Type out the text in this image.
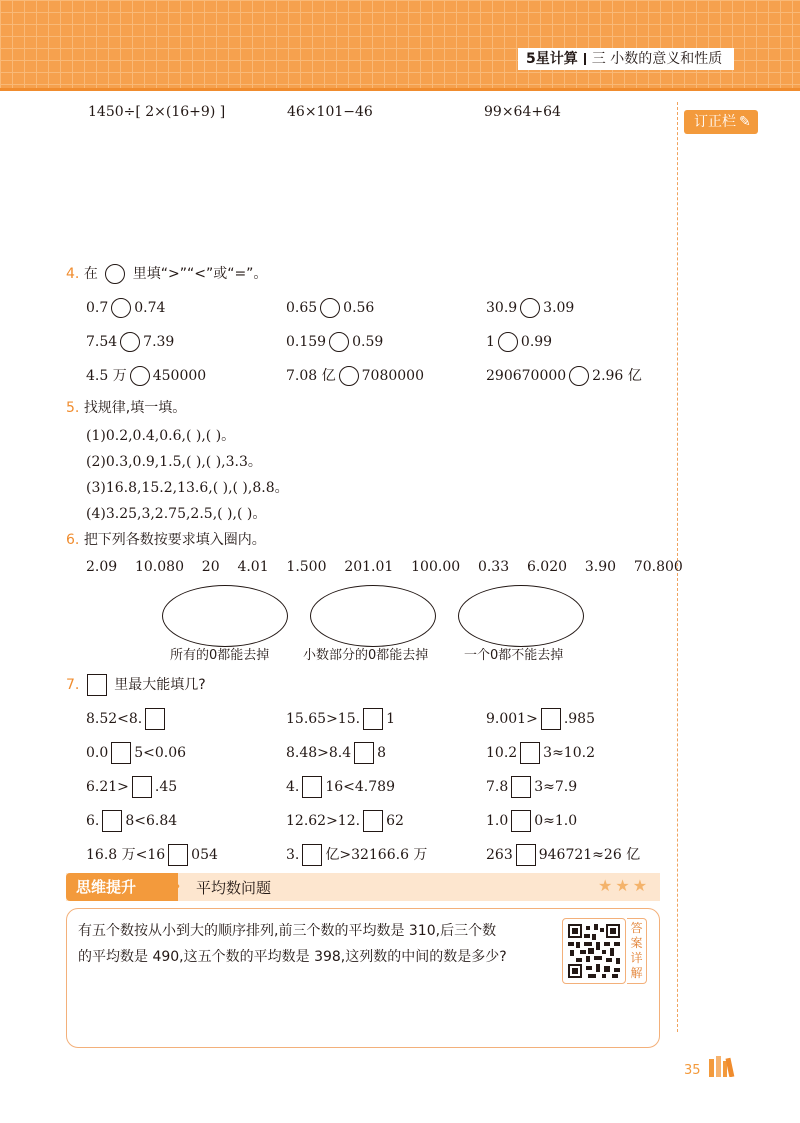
5星计算 三 小数的意义和性质
订正栏 ✎
1450÷[ 2×(16+9) ]	46×101−46	99×64+64
4. 在 里填“>”“<”或“=”。
0.7 0.74	0.65 0.56	30.9 3.09
7.54 7.39	0.159 0.59	1 0.99
4.5 万 450000	7.08 亿 7080000	290670000 2.96 亿
5. 找规律,填一填。
(1)0.2,0.4,0.6,( ),( )。
(2)0.3,0.9,1.5,( ),( ),3.3。
(3)16.8,15.2,13.6,( ),( ),8.8。
(4)3.25,3,2.75,2.5,( ),( )。
6. 把下列各数按要求填入圈内。
2.09 10.080 20 4.01 1.500 201.01 100.00 0.33 6.020 3.90 70.800
所有的0都能去掉	小数部分的0都能去掉	一个0都不能去掉
7. 里最大能填几?
8.52<8.	15.65>15. 1	9.001> .985
0.0 5<0.06	8.48>8.4 8	10.2 3≈10.2
6.21> .45	4. 16<4.789	7.8 3≈7.9
6. 8<6.84	12.62>12. 62	1.0 0≈1.0
16.8 万<16 054	3. 亿>32166.6 万	263 946721≈26 亿
思维提升	• 平均数问题	★★★
有五个数按从小到大的顺序排列,前三个数的平均数是 310,后三个数
的平均数是 490,这五个数的平均数是 398,这列数的中间的数是多少?
答
案
详
解
35
